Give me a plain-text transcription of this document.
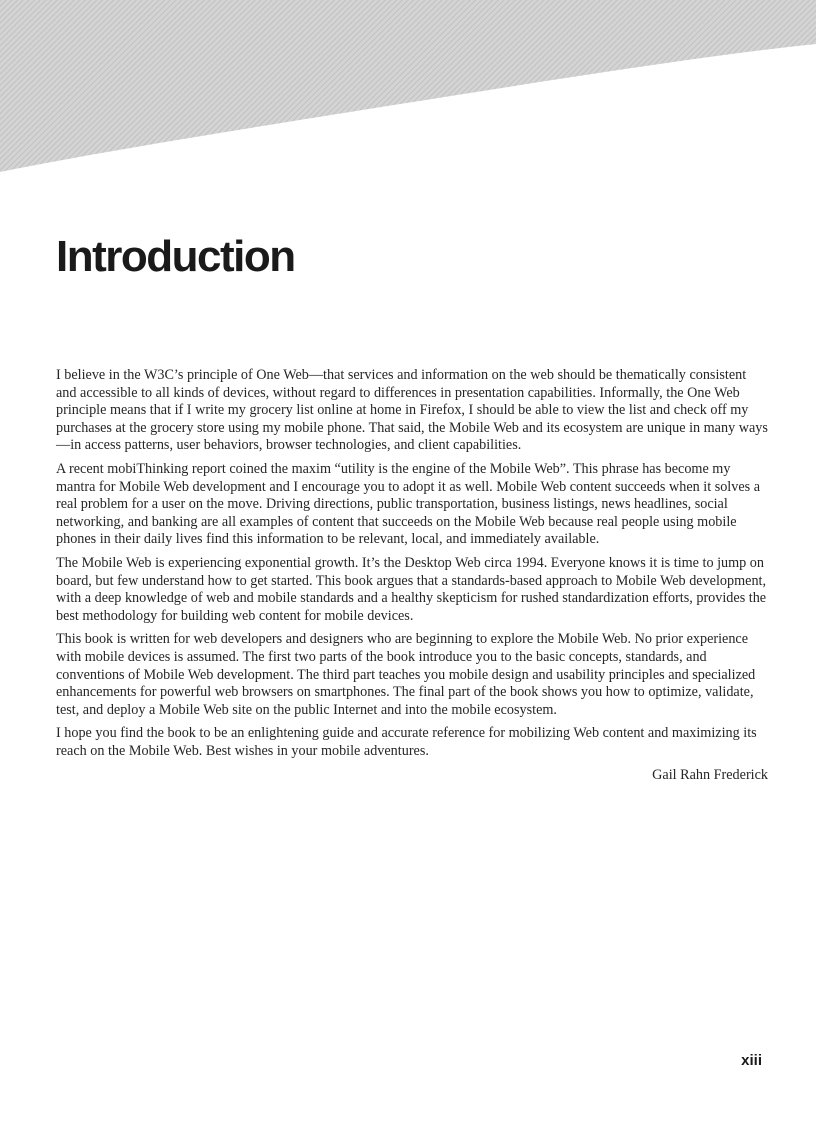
Introduction

I believe in the W3C’s principle of One Web—that services and information on the web should be thematically consistent and accessible to all kinds of devices, without regard to differences in presentation capabilities. Informally, the One Web principle means that if I write my grocery list online at home in Firefox, I should be able to view the list and check off my purchases at the grocery store using my mobile phone. That said, the Mobile Web and its ecosystem are unique in many ways—in access patterns, user behaviors, browser technologies, and client capabilities.

A recent mobiThinking report coined the maxim “utility is the engine of the Mobile Web”. This phrase has become my mantra for Mobile Web development and I encourage you to adopt it as well. Mobile Web content succeeds when it solves a real problem for a user on the move. Driving directions, public transportation, business listings, news headlines, social networking, and banking are all examples of content that succeeds on the Mobile Web because real people using mobile phones in their daily lives find this information to be relevant, local, and immediately available.

The Mobile Web is experiencing exponential growth. It’s the Desktop Web circa 1994. Everyone knows it is time to jump on board, but few understand how to get started. This book argues that a standards-based approach to Mobile Web development, with a deep knowledge of web and mobile standards and a healthy skepticism for rushed standardization efforts, provides the best methodology for building web content for mobile devices.

This book is written for web developers and designers who are beginning to explore the Mobile Web. No prior experience with mobile devices is assumed. The first two parts of the book introduce you to the basic concepts, standards, and conventions of Mobile Web development. The third part teaches you mobile design and usability principles and specialized enhancements for powerful web browsers on smartphones. The final part of the book shows you how to optimize, validate, test, and deploy a Mobile Web site on the public Internet and into the mobile ecosystem.

I hope you find the book to be an enlightening guide and accurate reference for mobilizing Web content and maximizing its reach on the Mobile Web. Best wishes in your mobile adventures.

Gail Rahn Frederick

xiii
